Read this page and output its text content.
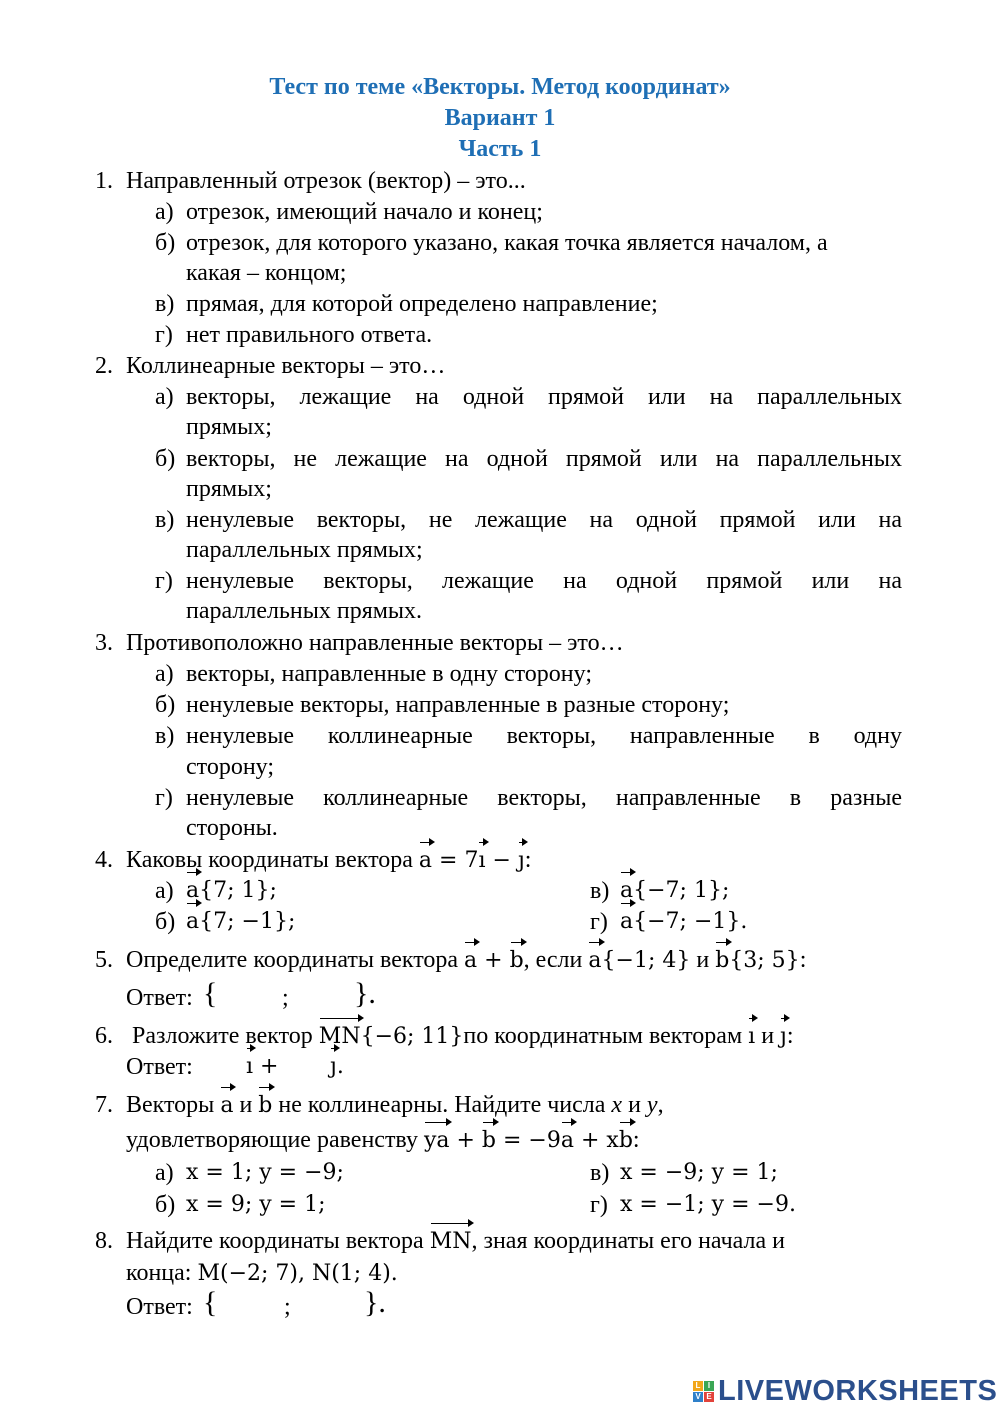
Тест по теме «Векторы. Метод координат»
Вариант 1
Часть 1
1. Направленный отрезок (вектор) – это...
а) отрезок, имеющий начало и конец;
б) отрезок, для которого указано, какая точка является началом, а
какая – концом;
в) прямая, для которой определено направление;
г) нет правильного ответа.
2. Коллинеарные векторы – это…
а) векторы, лежащие на одной прямой или на параллельных
прямых;
б) векторы, не лежащие на одной прямой или на параллельных
прямых;
в) ненулевые векторы, не лежащие на одной прямой или на
параллельных прямых;
г) ненулевые векторы, лежащие на одной прямой или на
параллельных прямых.
3. Противоположно направленные векторы – это…
а) векторы, направленные в одну сторону;
б) ненулевые векторы, направленные в разные сторону;
в) ненулевые коллинеарные векторы, направленные в одну
сторону;
г) ненулевые коллинеарные векторы, направленные в разные
стороны.
4. Каковы координаты вектора a = 7ı − ȷ:
а) a{7; 1};	в) a{−7; 1};
б) a{7; −1};	г) a{−7; −1}.
5. Определите координаты вектора a + b, если a{−1; 4} и b{3; 5}:
Ответ: {	; }.
6. Разложите вектор MN{−6; 11}по координатным векторам ı и ȷ:
Ответ: ı + ȷ.
7. Векторы a и b не коллинеарны. Найдите числа x и y,
удовлетворяющие равенству ya + b = −9a + xb:
а) x = 1; y = −9;	в) x = −9; y = 1;
б) x = 9; y = 1;	г) x = −1; y = −9.
8. Найдите координаты вектора MN, зная координаты его начала и
конца: M(−2; 7), N(1; 4).
Ответ: {	; }.
L I
V E LIVEWORKSHEETS
